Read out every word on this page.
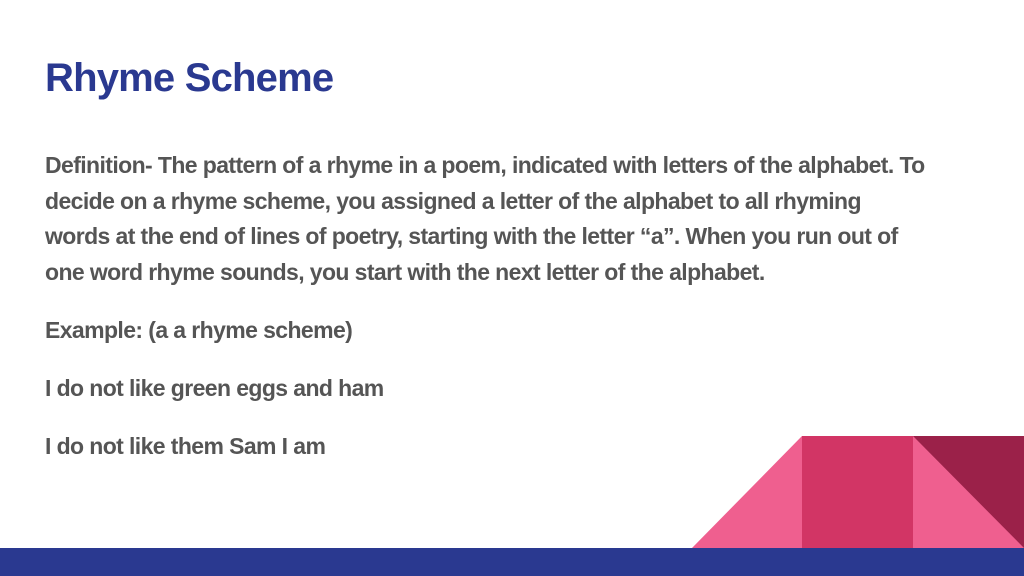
Rhyme Scheme

Definition- The pattern of a rhyme in a poem, indicated with letters of the alphabet. To decide on a rhyme scheme, you assigned a letter of the alphabet to all rhyming words at the end of lines of poetry, starting with the letter “a”. When you run out of one word rhyme sounds, you start with the next letter of the alphabet.

Example: (a a rhyme scheme)

I do not like green eggs and ham

I do not like them Sam I am
